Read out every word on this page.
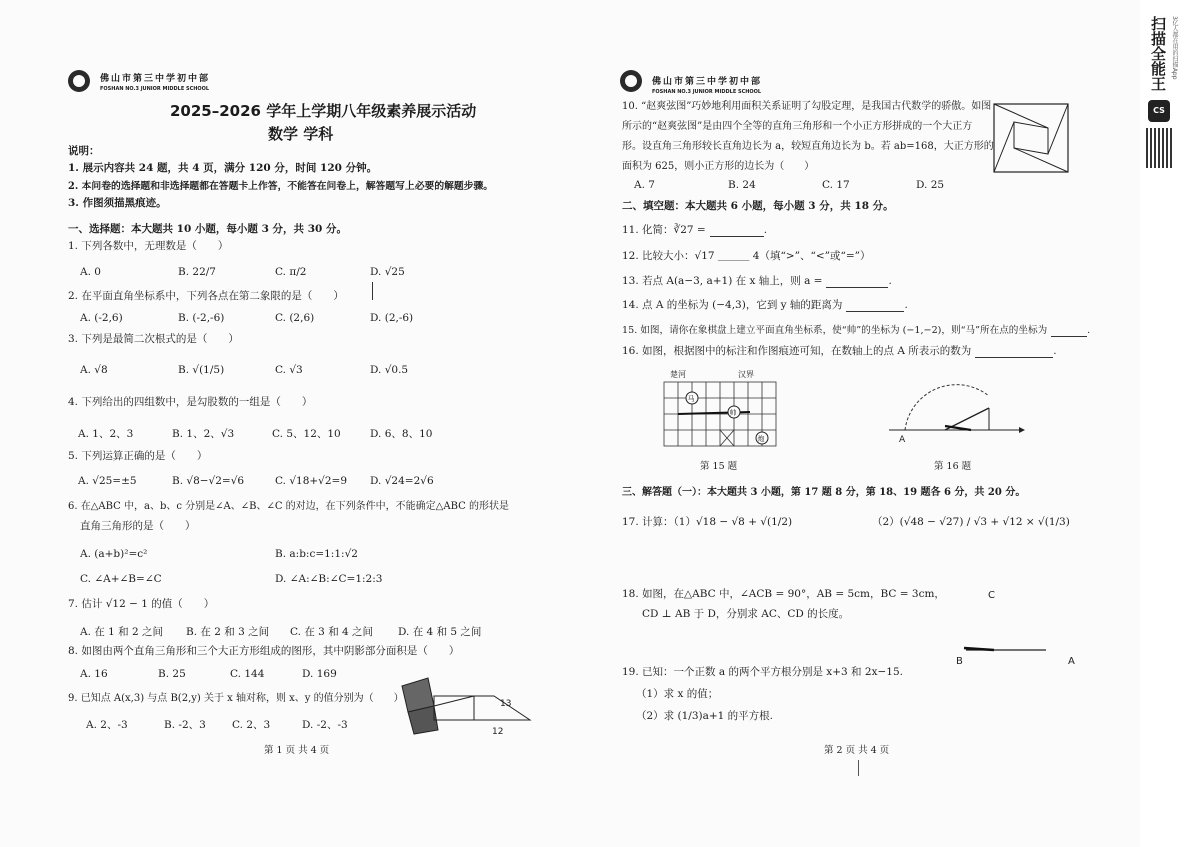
佛山市第三中学初中部
FOSHAN NO.3 JUNIOR MIDDLE SCHOOL
2025–2026 学年上学期八年级素养展示活动
数学 学科
说明：
1. 展示内容共 24 题，共 4 页，满分 120 分，时间 120 分钟。
2. 本问卷的选择题和非选择题都在答题卡上作答，不能答在问卷上，解答题写上必要的解题步骤。
3. 作图须描黑痕迹。
一、选择题：本大题共 10 小题，每小题 3 分，共 30 分。
1. 下列各数中，无理数是（　　）
A. 0	B. 22/7	C. π/2	D. √25
2. 在平面直角坐标系中，下列各点在第二象限的是（　　）
A. (-2,6)	B. (-2,-6)	C. (2,6)	D. (2,-6)
3. 下列是最简二次根式的是（　　）
A. √8	B. √(1/5)	C. √3	D. √0.5
4. 下列给出的四组数中，是勾股数的一组是（　　）
A. 1、2、3	B. 1、2、√3	C. 5、12、10	D. 6、8、10
5. 下列运算正确的是（　　）
A. √25=±5	B. √8−√2=√6	C. √18+√2=9 D. √24=2√6
6. 在△ABC 中，a、b、c 分别是∠A、∠B、∠C 的对边，在下列条件中，不能确定△ABC 的形状是
直角三角形的是（　　）
A. (a+b)²=c²	B. a:b:c=1:1:√2
C. ∠A+∠B=∠C	D. ∠A:∠B:∠C=1:2:3
7. 估计 √12 − 1 的值（　　）
A. 在 1 和 2 之间 B. 在 2 和 3 之间 C. 在 3 和 4 之间 D. 在 4 和 5 之间
8. 如图由两个直角三角形和三个大正方形组成的图形，其中阴影部分面积是（　　）
A. 16	B. 25	C. 144	D. 169
9. 已知点 A(x,3) 与点 B(2,y) 关于 x 轴对称，则 x、y 的值分别为（　　）
A. 2、-3	B. -2、3 C. 2、3	D. -2、-3
13
12
第 1 页 共 4 页
佛山市第三中学初中部
FOSHAN NO.3 JUNIOR MIDDLE SCHOOL
10. “赵爽弦图”巧妙地利用面积关系证明了勾股定理，是我国古代数学的骄傲。如图
所示的“赵爽弦图”是由四个全等的直角三角形和一个小正方形拼成的一个大正方
形。设直角三角形较长直角边长为 a，较短直角边长为 b。若 ab=168，大正方形的
面积为 625，则小正方形的边长为（　　）
A. 7	B. 24	C. 17	D. 25
二、填空题：本大题共 6 小题，每小题 3 分，共 18 分。
11. 化简：∛27 =	.
12. 比较大小：√17 ＿＿＿ 4（填“>”、“<”或“=”）
13. 若点 A(a−3, a+1) 在 x 轴上，则 a =	.
14. 点 A 的坐标为 (−4,3)，它到 y 轴的距离为	.
15. 如图，请你在象棋盘上建立平面直角坐标系，使“帅”的坐标为 (−1,−2)，则“马”所在点的坐标为	.
16. 如图，根据图中的标注和作图痕迹可知，在数轴上的点 A 所表示的数为	.
楚河	汉界
马
帅
炮
第 15 题
A
第 16 题
三、解答题（一）：本大题共 3 小题，第 17 题 8 分，第 18、19 题各 6 分，共 20 分。
17. 计算：（1）√18 − √8 + √(1/2)	（2）(√48 − √27) / √3 + √12 × √(1/3)
18. 如图，在△ABC 中，∠ACB = 90°，AB = 5cm，BC = 3cm，
CD ⊥ AB 于 D，分别求 AC、CD 的长度。
C
B	A
19. 已知：一个正数 a 的两个平方根分别是 x+3 和 2x−15.
（1）求 x 的值；
（2）求 (1/3)a+1 的平方根.
第 2 页 共 4 页
扫描全能王 3亿人都在用的扫描App
CS
